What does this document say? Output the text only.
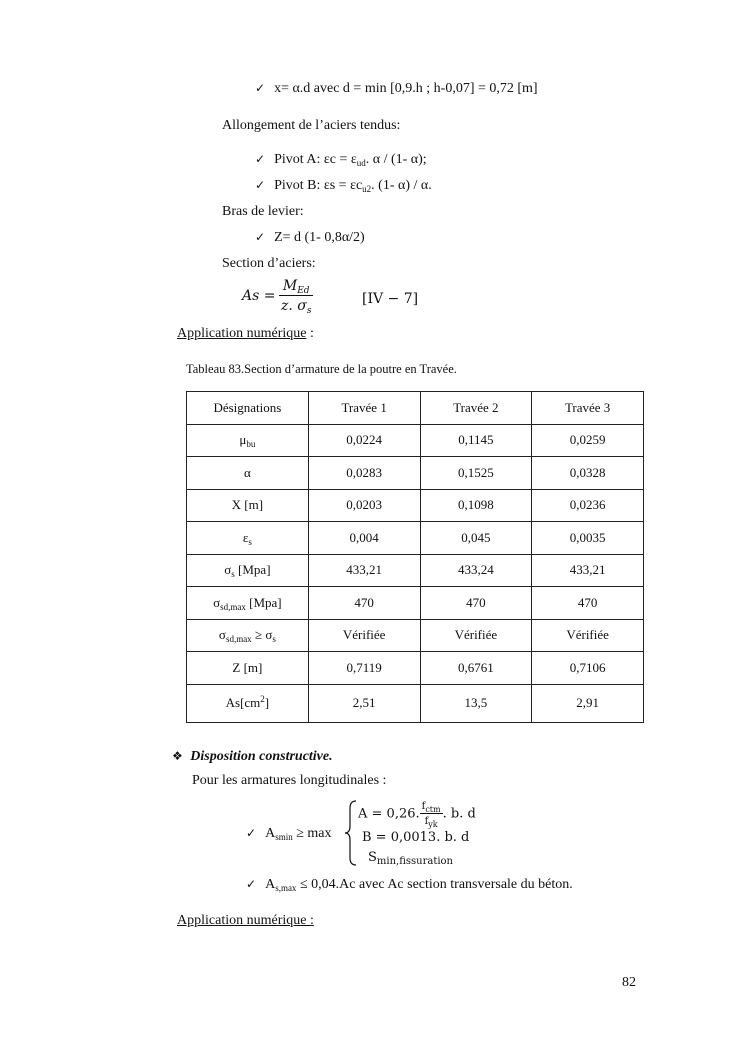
✓ x= α.d avec d = min [0,9.h ; h-0,07] = 0,72 [m]
Allongement de l’aciers tendus:
✓ Pivot A: $\varepsilon c = \varepsilon_{ud}$. α / (1- α);
✓ Pivot B: $\varepsilon s = \varepsilon c_{u2}$. (1- α) / α.
Bras de levier:
✓ Z= d (1- 0,8α/2)
Section d’aciers:
$As = \frac{M_{Ed}}{z. \sigma_s}$	[IV − 7]
Application numérique :
Tableau 83.Section d’armature de la poutre en Travée.
Désignations	Travée 1	Travée 2	Travée 3
$\mu_{bu}$	0,0224	0,1145	0,0259
α	0,0283	0,1525	0,0328
X [m]	0,0203	0,1098	0,0236
$\varepsilon_s$	0,004	0,045	0,0035
$\sigma_s$ [Mpa]	433,21	433,24	433,21
$\sigma_{sd,max}$ [Mpa]	470	470	470
$\sigma_{sd,max} \ge \sigma_s$	Vérifiée	Vérifiée	Vérifiée
Z [m]	0,7119	0,6761	0,7106
$As[cm^2]$	2,51	13,5	2,91
❖ Disposition constructive.
Pour les armatures longitudinales :
✓ $A_{smin} \ge \max$
A = 0,26. $\frac{f_{ctm}}{f_{yk}}$ . b. d
B = 0,0013. b. d
$S_{min,fissuration}$
✓ $A_{s,max} \le 0,04.Ac$ avec Ac section transversale du béton.
Application numérique :
82
